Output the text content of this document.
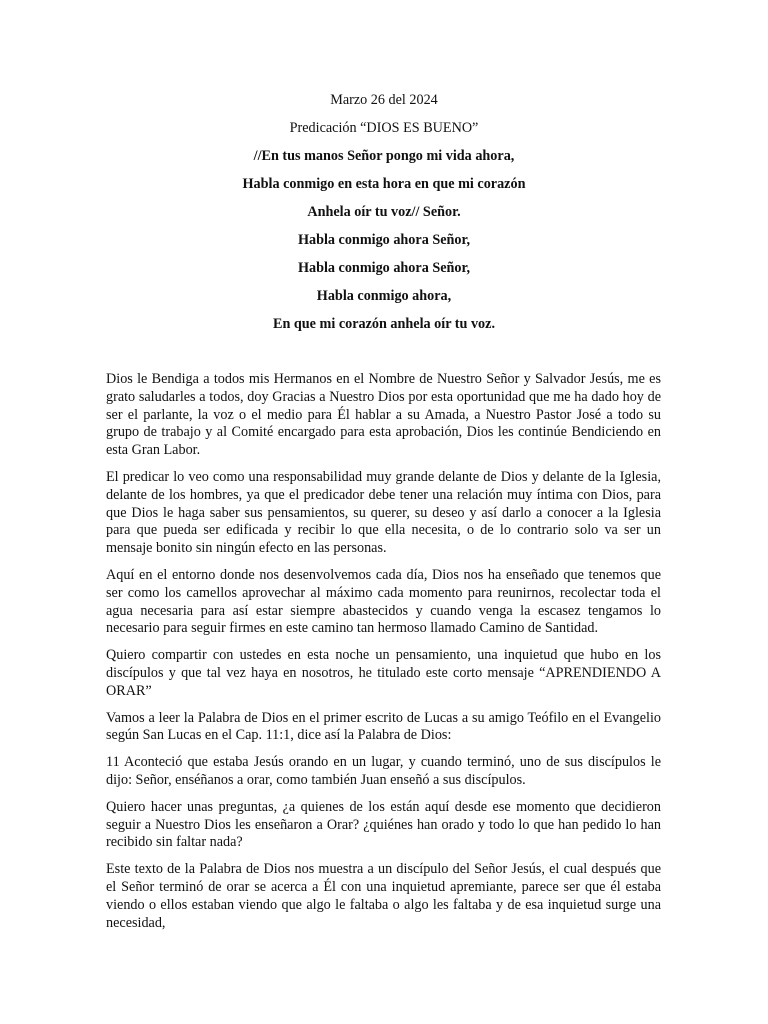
Marzo 26 del 2024

Predicación “DIOS ES BUENO”

//En tus manos Señor pongo mi vida ahora,

Habla conmigo en esta hora en que mi corazón

Anhela oír tu voz// Señor.

Habla conmigo ahora Señor,

Habla conmigo ahora Señor,

Habla conmigo ahora,

En que mi corazón anhela oír tu voz.

Dios le Bendiga a todos mis Hermanos en el Nombre de Nuestro Señor y Salvador Jesús, me es grato saludarles a todos, doy Gracias a Nuestro Dios por esta oportunidad que me ha dado hoy de ser el parlante, la voz o el medio para Él hablar a su Amada, a Nuestro Pastor José a todo su grupo de trabajo y al Comité encargado para esta aprobación, Dios les continúe Bendiciendo en esta Gran Labor.

El predicar lo veo como una responsabilidad muy grande delante de Dios y delante de la Iglesia, delante de los hombres, ya que el predicador debe tener una relación muy íntima con Dios, para que Dios le haga saber sus pensamientos, su querer, su deseo y así darlo a conocer a la Iglesia para que pueda ser edificada y recibir lo que ella necesita, o de lo contrario solo va ser un mensaje bonito sin ningún efecto en las personas.

Aquí en el entorno donde nos desenvolvemos cada día, Dios nos ha enseñado que tenemos que ser como los camellos aprovechar al máximo cada momento para reunirnos, recolectar toda el agua necesaria para así estar siempre abastecidos y cuando venga la escasez tengamos lo necesario para seguir firmes en este camino tan hermoso llamado Camino de Santidad.

Quiero compartir con ustedes en esta noche un pensamiento, una inquietud que hubo en los discípulos y que tal vez haya en nosotros, he titulado este corto mensaje “APRENDIENDO A ORAR”

Vamos a leer la Palabra de Dios en el primer escrito de Lucas a su amigo Teófilo en el Evangelio según San Lucas en el Cap. 11:1, dice así la Palabra de Dios:

11 Aconteció que estaba Jesús orando en un lugar, y cuando terminó, uno de sus discípulos le dijo: Señor, enséñanos a orar, como también Juan enseñó a sus discípulos.

Quiero hacer unas preguntas, ¿a quienes de los están aquí desde ese momento que decidieron seguir a Nuestro Dios les enseñaron a Orar? ¿quiénes han orado y todo lo que han pedido lo han recibido sin faltar nada?

Este texto de la Palabra de Dios nos muestra a un discípulo del Señor Jesús, el cual después que el Señor terminó de orar se acerca a Él con una inquietud apremiante, parece ser que él estaba viendo o ellos estaban viendo que algo le faltaba o algo les faltaba y de esa inquietud surge una necesidad,
